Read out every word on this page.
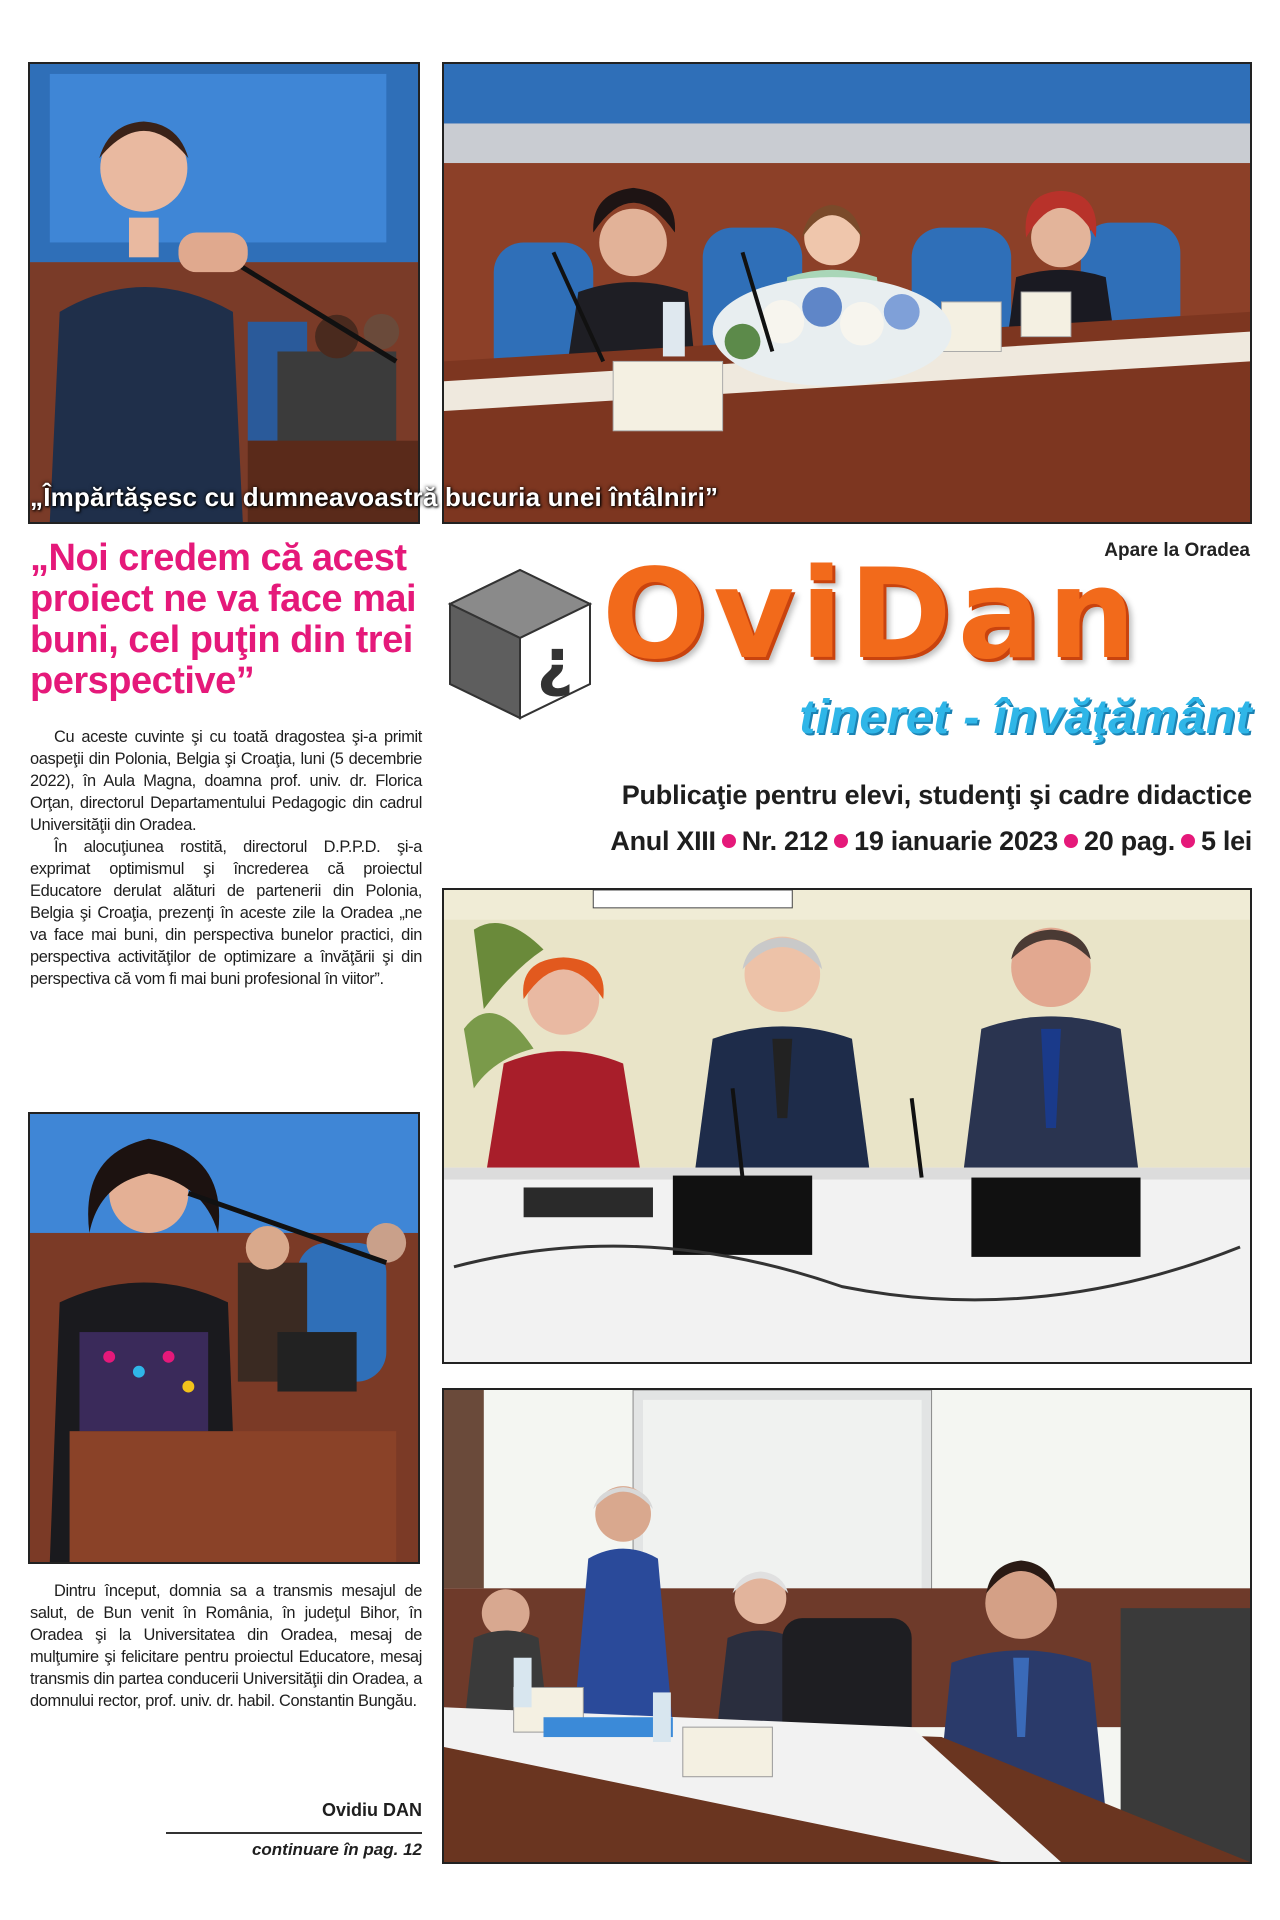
„Împărtăşesc cu dumneavoastră bucuria unei întâlniri”
„Noi credem că acest proiect ne va face mai buni, cel puţin din trei perspective”

Cu aceste cuvinte şi cu toată dragostea şi-a primit oaspeţii din Polonia, Belgia şi Croaţia, luni (5 decembrie 2022), în Aula Magna, doamna prof. univ. dr. Florica Orţan, directorul Departamentului Pedagogic din cadrul Universităţii din Oradea.

În alocuţiunea rostită, directorul D.P.P.D. şi-a exprimat optimismul şi încrederea că proiectul Educatore derulat alături de partenerii din Polonia, Belgia şi Croaţia, prezenţi în aceste zile la Oradea „ne va face mai buni, din perspectiva bunelor practici, din perspectiva activităţilor de optimizare a învăţării şi din perspectiva că vom fi mai buni profesional în viitor”.

Dintru început, domnia sa a transmis mesajul de salut, de Bun venit în România, în judeţul Bihor, în Oradea şi la Universitatea din Oradea, mesaj de mulţumire şi felicitare pentru proiectul Educatore, mesaj transmis din partea conducerii Universităţii din Oradea, a domnului rector, prof. univ. dr. habil. Constantin Bungău.

Ovidiu DAN
continuare în pag. 12
Apare la Oradea
¿ OviDan
tineret - învăţământ
Publicaţie pentru elevi, studenţi şi cadre didactice
Anul XIII Nr. 212 19 ianuarie 2023 20 pag. 5 lei
